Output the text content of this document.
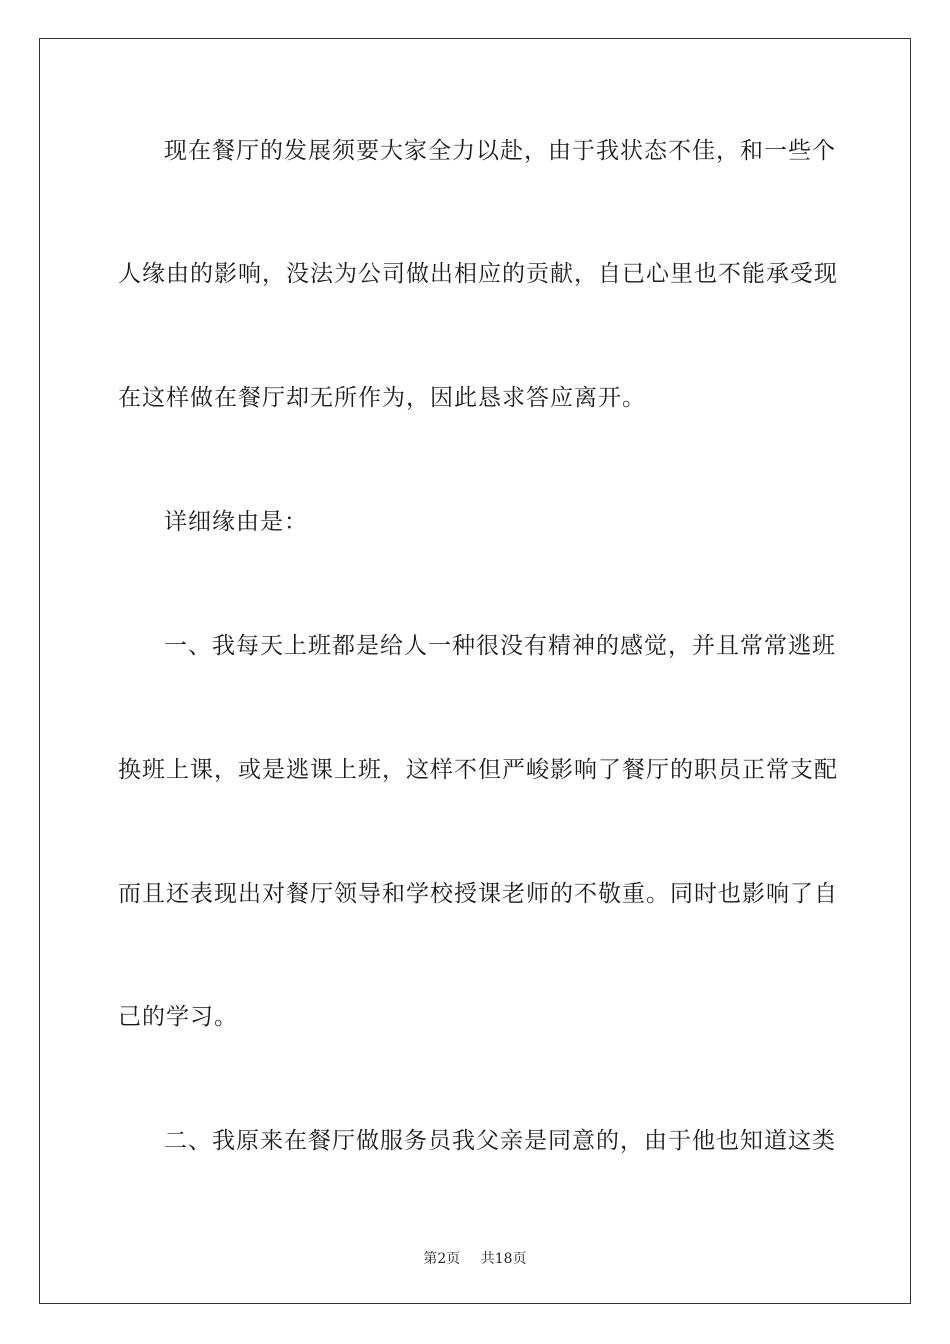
现在餐厅的发展须要大家全力以赴，由于我状态不佳，和一些个
人缘由的影响，没法为公司做出相应的贡献，自已心里也不能承受现
在这样做在餐厅却无所作为，因此恳求答应离开。
详细缘由是：
一、我每天上班都是给人一种很没有精神的感觉，并且常常逃班
换班上课，或是逃课上班，这样不但严峻影响了餐厅的职员正常支配
而且还表现出对餐厅领导和学校授课老师的不敬重。同时也影响了自
己的学习。
二、我原来在餐厅做服务员我父亲是同意的，由于他也知道这类
第2页 共18页
